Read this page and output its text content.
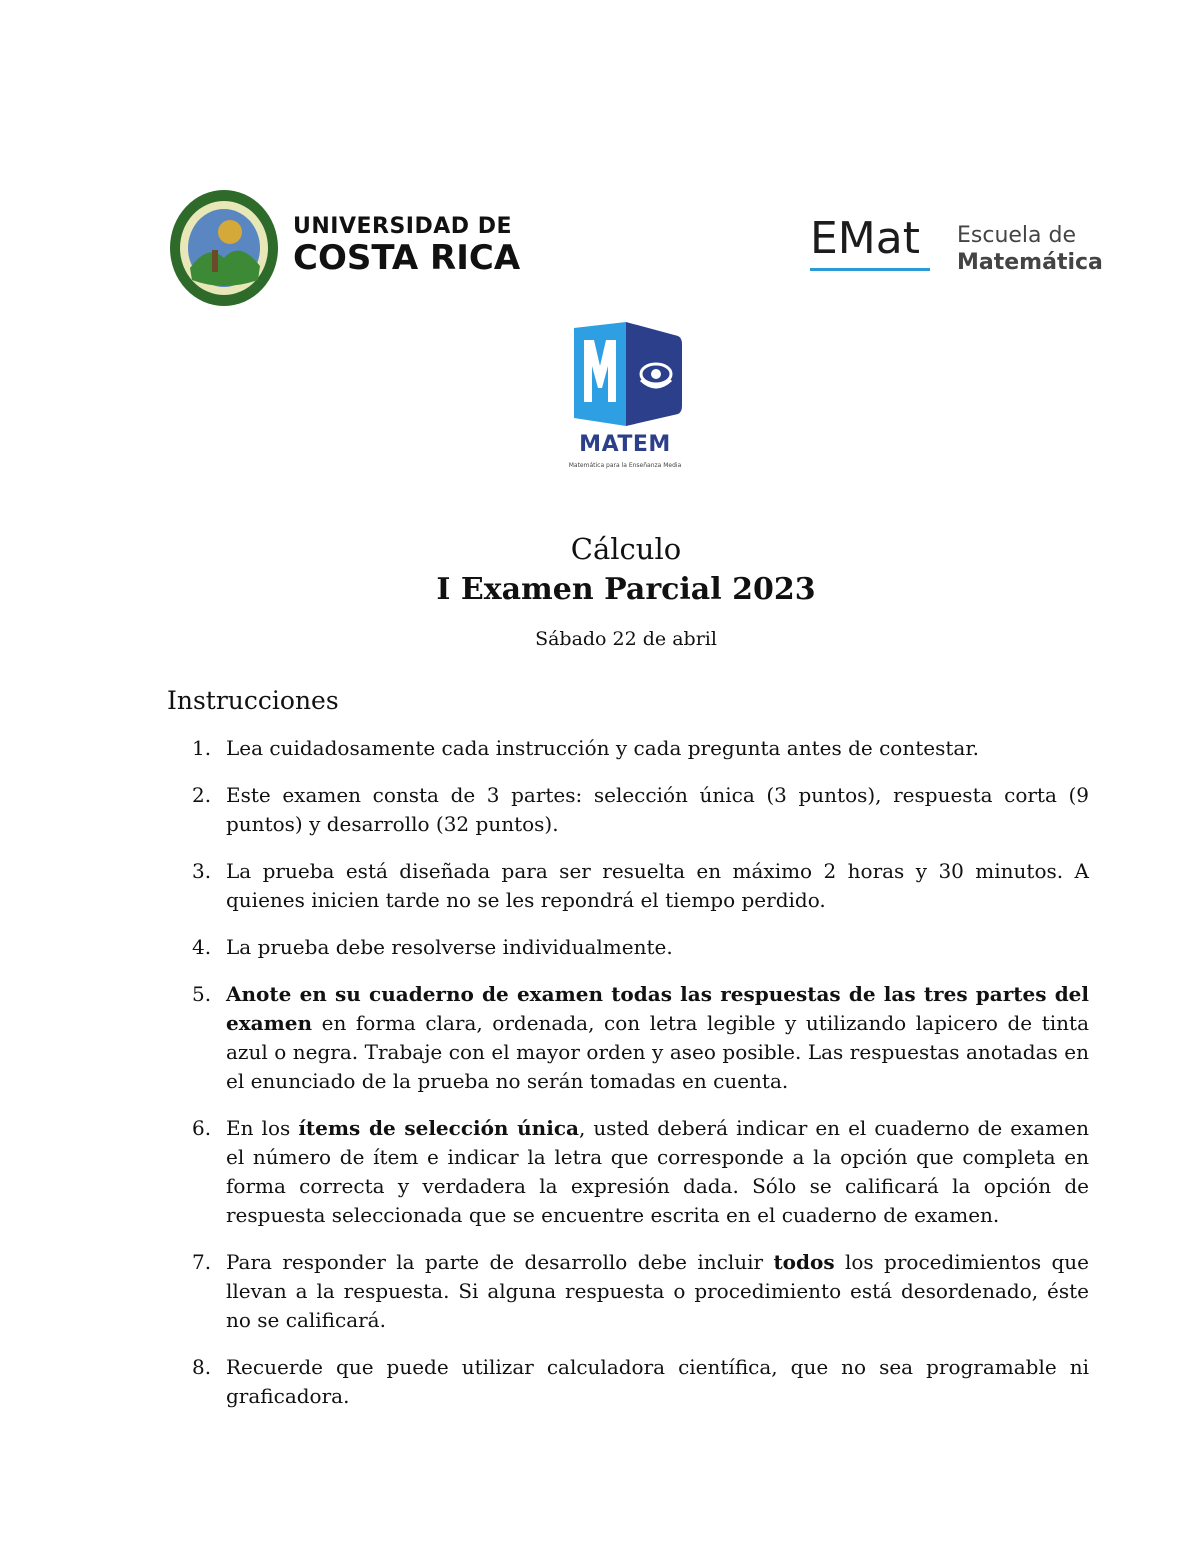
UNIVERSIDAD DE
COSTA RICA	EMat Escuela de
Matemática
MATEM
Matemática para la Enseñanza Media
Cálculo
I Examen Parcial 2023
Sábado 22 de abril
Instrucciones
1. Lea cuidadosamente cada instrucción y cada pregunta antes de contestar.
2. Este examen consta de 3 partes: selección única (3 puntos), respuesta corta (9 puntos) y desarrollo (32 puntos).
3. La prueba está diseñada para ser resuelta en máximo 2 horas y 30 minutos. A quienes inicien tarde no se les repondrá el tiempo perdido.
4. La prueba debe resolverse individualmente.
5. Anote en su cuaderno de examen todas las respuestas de las tres partes del examen en forma clara, ordenada, con letra legible y utilizando lapicero de tinta azul o negra. Trabaje con el mayor orden y aseo posible. Las respuestas anotadas en el enunciado de la prueba no serán tomadas en cuenta.
6. En los ítems de selección única, usted deberá indicar en el cuaderno de examen el número de ítem e indicar la letra que corresponde a la opción que completa en forma correcta y verdadera la expresión dada. Sólo se calificará la opción de respuesta seleccionada que se encuentre escrita en el cuaderno de examen.
7. Para responder la parte de desarrollo debe incluir todos los procedimientos que llevan a la respuesta. Si alguna respuesta o procedimiento está desordenado, éste no se calificará.
8. Recuerde que puede utilizar calculadora científica, que no sea programable ni graficadora.
